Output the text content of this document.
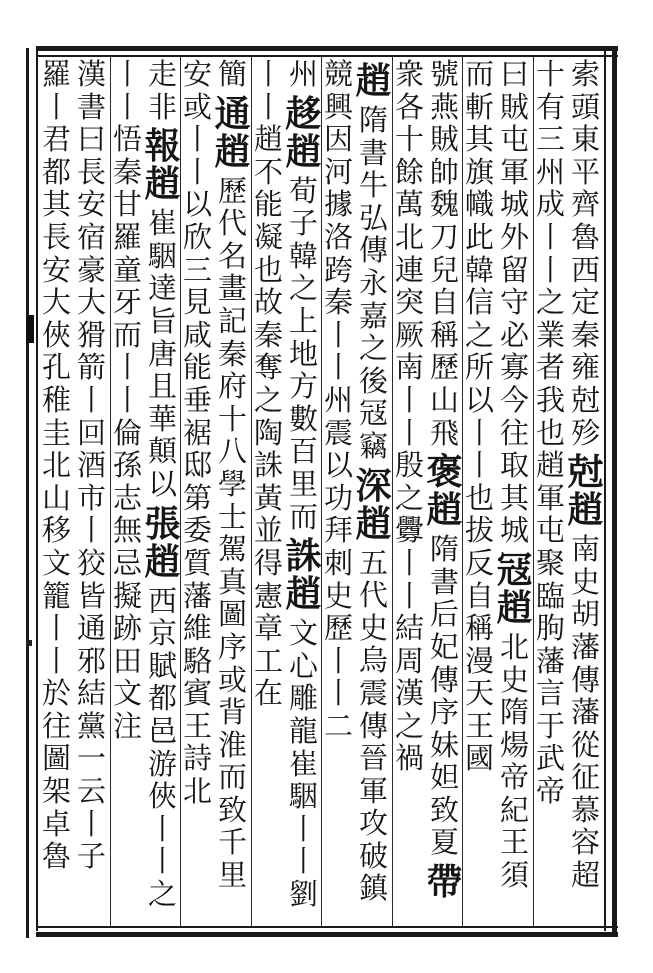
索
頭
東
平
齊
魯
西
定
秦
雍
尅
殄
尅
趙
南
史
胡
藩
傳
藩
從
征
慕
容
超
十
有
三
州
成
丨
丨
之
業
者
我
也
趙
軍
屯
聚
臨
朐
藩
言
于
武
帝
曰
賊
屯
軍
城
外
留
守
必
寡
今
往
取
其
城
冦
趙
北
史
隋
煬
帝
紀
王
須
而
斬
其
旗
幟
此
韓
信
之
所
以
丨
丨
也
拔
反
自
稱
漫
天
王
國
號
燕
賊
帥
魏
刀
兒
自
稱
歷
山
飛
褒
趙
隋
書
后
妃
傳
序
妹
妲
致
夏
帶
衆
各
十
餘
萬
北
連
突
厥
南
丨
丨
殷
之
釁
丨
丨
結
周
漢
之
禍
趙
隋
書
牛
弘
傳
永
嘉
之
後
冦
竊
深
趙
五
代
史
烏
震
傳
晉
軍
攻
破
鎮
競
興
因
河
據
洛
跨
秦
丨
丨
州
震
以
功
拜
刺
史
歷
丨
丨
二
州
趍
趙
荀
子
韓
之
上
地
方
數
百
里
而
誅
趙
文
心
雕
龍
崔
駰
丨
丨
劉
丨
丨
趙
不
能
凝
也
故
秦
奪
之
陶
誅
黃
並
得
憲
章
工
在
簡
通
趙
歷
代
名
畫
記
秦
府
十
八
學
士
駕
真
圖
序
或
背
淮
而
致
千
里
安
或
丨
丨
以
欣
三
見
咸
能
垂
裾
邸
第
委
質
藩
維
駱
賓
王
詩
北
走
非
報
趙
崔
駰
達
旨
唐
且
華
顛
以
張
趙
西
京
賦
都
邑
游
俠
丨
丨
之
丨
丨
悟
秦
甘
羅
童
牙
而
丨
丨
倫
孫
志
無
忌
擬
跡
田
文
注
漢
書
曰
長
安
宿
豪
大
猾
箭
丨
回
酒
市
丨
狡
皆
通
邪
結
黨
一
云
丨
子
羅
丨
君
都
其
長
安
大
俠
孔
稚
圭
北
山
移
文
籠
丨
丨
於
往
圖
架
卓
魯
